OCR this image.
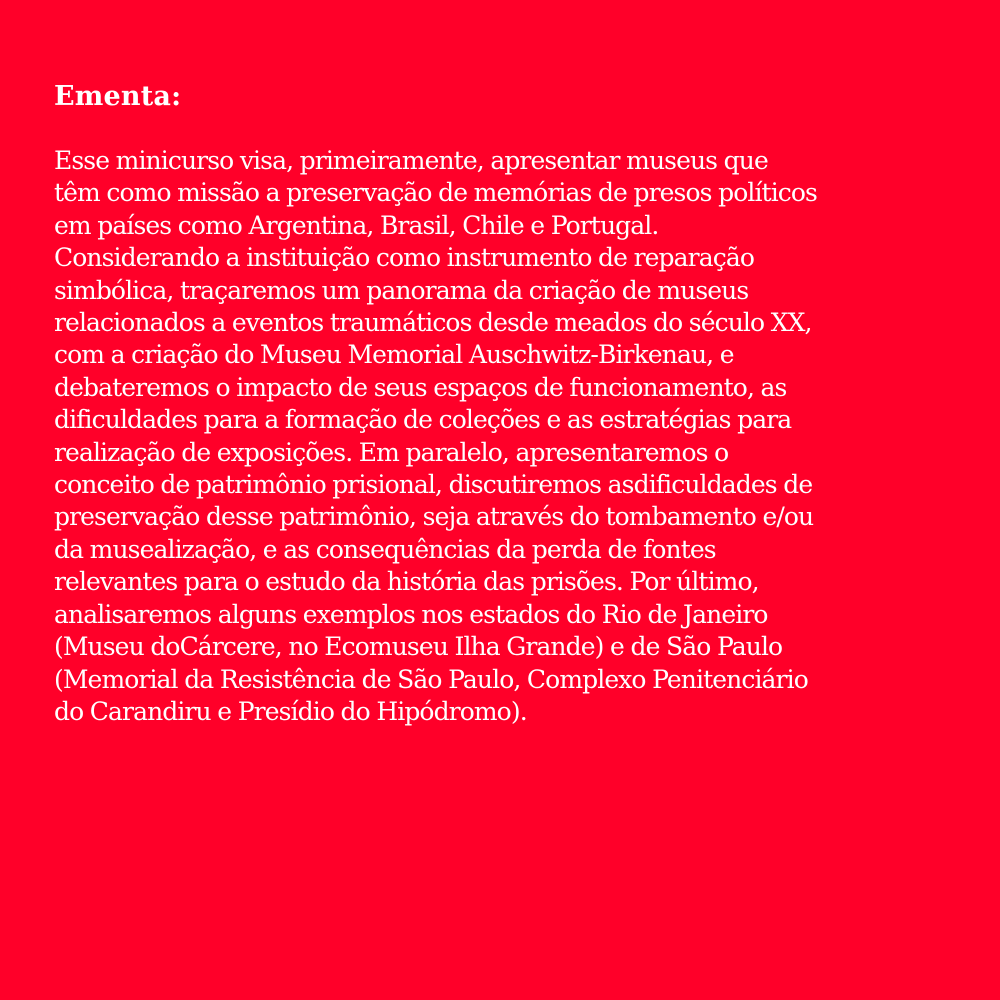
Ementa:

Esse minicurso visa, primeiramente, apresentar museus que
têm como missão a preservação de memórias de presos políticos
em países como Argentina, Brasil, Chile e Portugal.
Considerando a instituição como instrumento de reparação
simbólica, traçaremos um panorama da criação de museus
relacionados a eventos traumáticos desde meados do século XX,
com a criação do Museu Memorial Auschwitz-Birkenau, e
debateremos o impacto de seus espaços de funcionamento, as
dificuldades para a formação de coleções e as estratégias para
realização de exposições. Em paralelo, apresentaremos o
conceito de patrimônio prisional, discutiremos asdificuldades de
preservação desse patrimônio, seja através do tombamento e/ou
da musealização, e as consequências da perda de fontes
relevantes para o estudo da história das prisões. Por último,
analisaremos alguns exemplos nos estados do Rio de Janeiro
(Museu doCárcere, no Ecomuseu Ilha Grande) e de São Paulo
(Memorial da Resistência de São Paulo, Complexo Penitenciário
do Carandiru e Presídio do Hipódromo).
